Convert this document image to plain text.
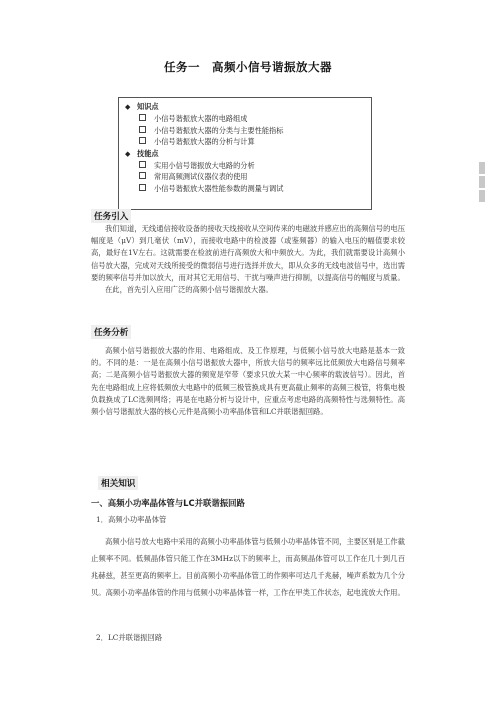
任务一　高频小信号谐振放大器
◆ 知识点
小信号谐振放大器的电路组成
小信号谐振放大器的分类与主要性能指标
小信号谐振放大器的分析与计算
◆ 技能点
实用小信号谐振放大电路的分析
常用高频测试仪器仪表的使用
小信号谐振放大器性能参数的测量与调试
任务引入

我们知道，无线通信接收设备的接收天线接收从空间传来的电磁波并感应出的高频信号的电压幅度是（μV）到几毫伏（mV），而接收电路中的检波器（或鉴频器）的输入电压的幅值要求较高，最好在1V左右。这就需要在检波前进行高频放大和中频放大。为此，我们就需要设计高频小信号放大器，完成对天线所接受的微弱信号进行选择并放大，即从众多的无线电波信号中，选出需要的频率信号并加以放大，而对其它无用信号、干扰与噪声进行抑制，以提高信号的幅度与质量。

在此，首先引入应用广泛的高频小信号谐振放大器。

任务分析

高频小信号谐振放大器的作用、电路组成、及工作原理，与低频小信号放大电路是基本一致的。不同的是：一是在高频小信号谐振放大器中，所放大信号的频率远比低频放大电路信号频率高；二是高频小信号谐振放大器的频宽是窄带（要求只放大某一中心频率的载波信号）。因此，首先在电路组成上应将低频放大电路中的低频三极管换成具有更高截止频率的高频三极管，将集电极负载换成了LC选频网络；再是在电路分析与设计中，应重点考虑电路的高频特性与选频特性。高频小信号谐振放大器的核心元件是高频小功率晶体管和LC并联谐振回路。

相关知识
一、高频小功率晶体管与LC并联谐振回路
1．高频小功率晶体管

高频小信号放大电路中采用的高频小功率晶体管与低频小功率晶体管不同，主要区别是工作截止频率不同。低频晶体管只能工作在3MHz以下的频率上，而高频晶体管可以工作在几十到几百兆赫兹，甚至更高的频率上。目前高频小功率晶体管工的作频率可达几千兆赫，噪声系数为几个分贝。高频小功率晶体管的作用与低频小功率晶体管一样，工作在甲类工作状态，起电流放大作用。

2．LC并联谐振回路
